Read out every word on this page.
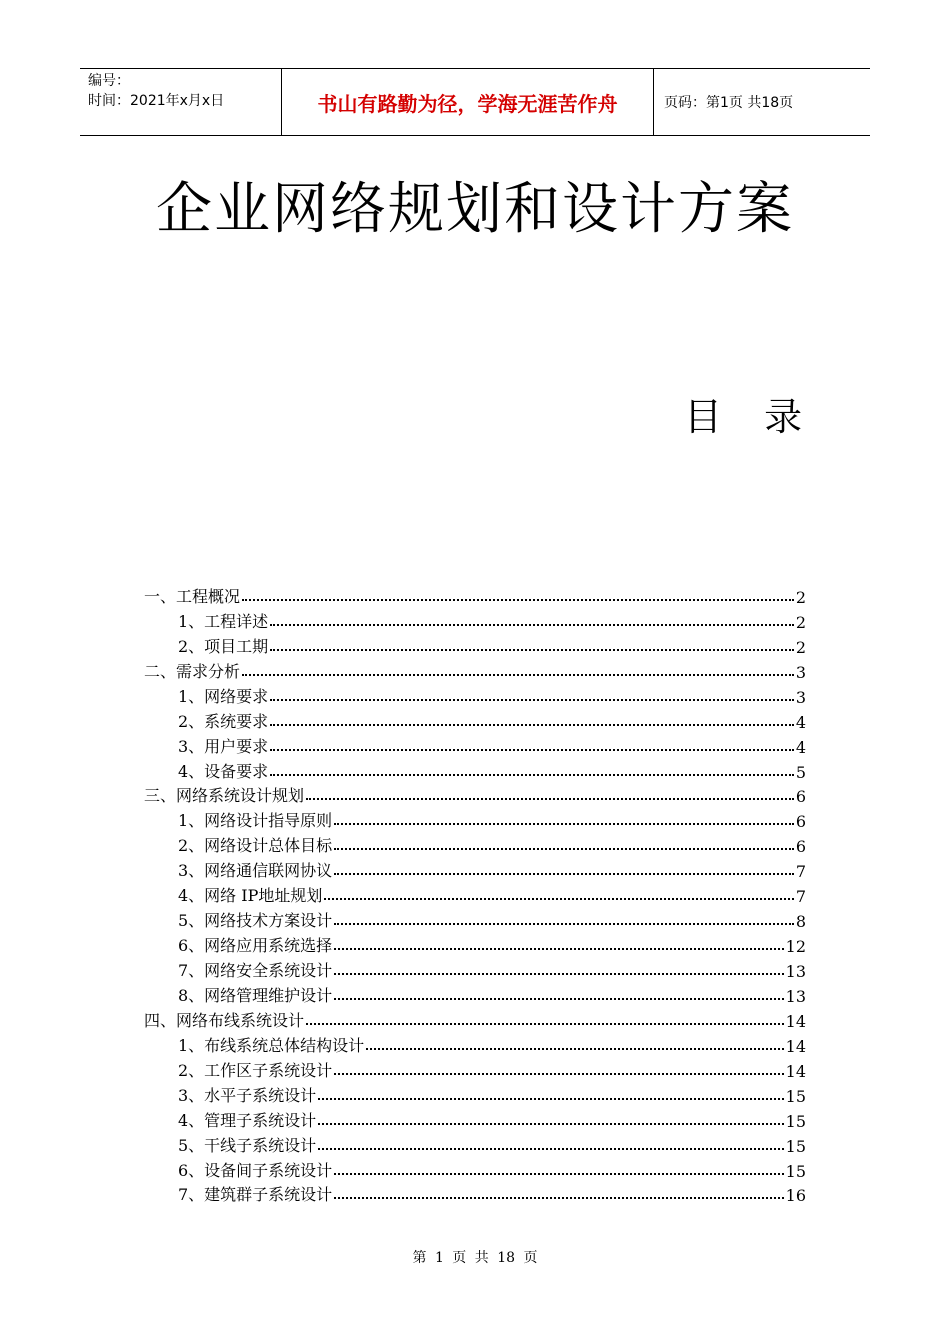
编号：
时间：2021年x月x日	书山有路勤为径，学海无涯苦作舟	页码：第1页 共18页
企业网络规划和设计方案
目 录
一、工程概况	2
1、工程详述	2
2、项目工期	2
二、需求分析	3
1、网络要求	3
2、系统要求	4
3、用户要求	4
4、设备要求	5
三、网络系统设计规划	6
1、网络设计指导原则	6
2、网络设计总体目标	6
3、网络通信联网协议	7
4、网络 IP地址规划	7
5、网络技术方案设计	8
6、网络应用系统选择	12
7、网络安全系统设计	13
8、网络管理维护设计	13
四、网络布线系统设计	14
1、布线系统总体结构设计	14
2、工作区子系统设计	14
3、水平子系统设计	15
4、管理子系统设计	15
5、干线子系统设计	15
6、设备间子系统设计	15
7、建筑群子系统设计	16
第 1 页 共 18 页
